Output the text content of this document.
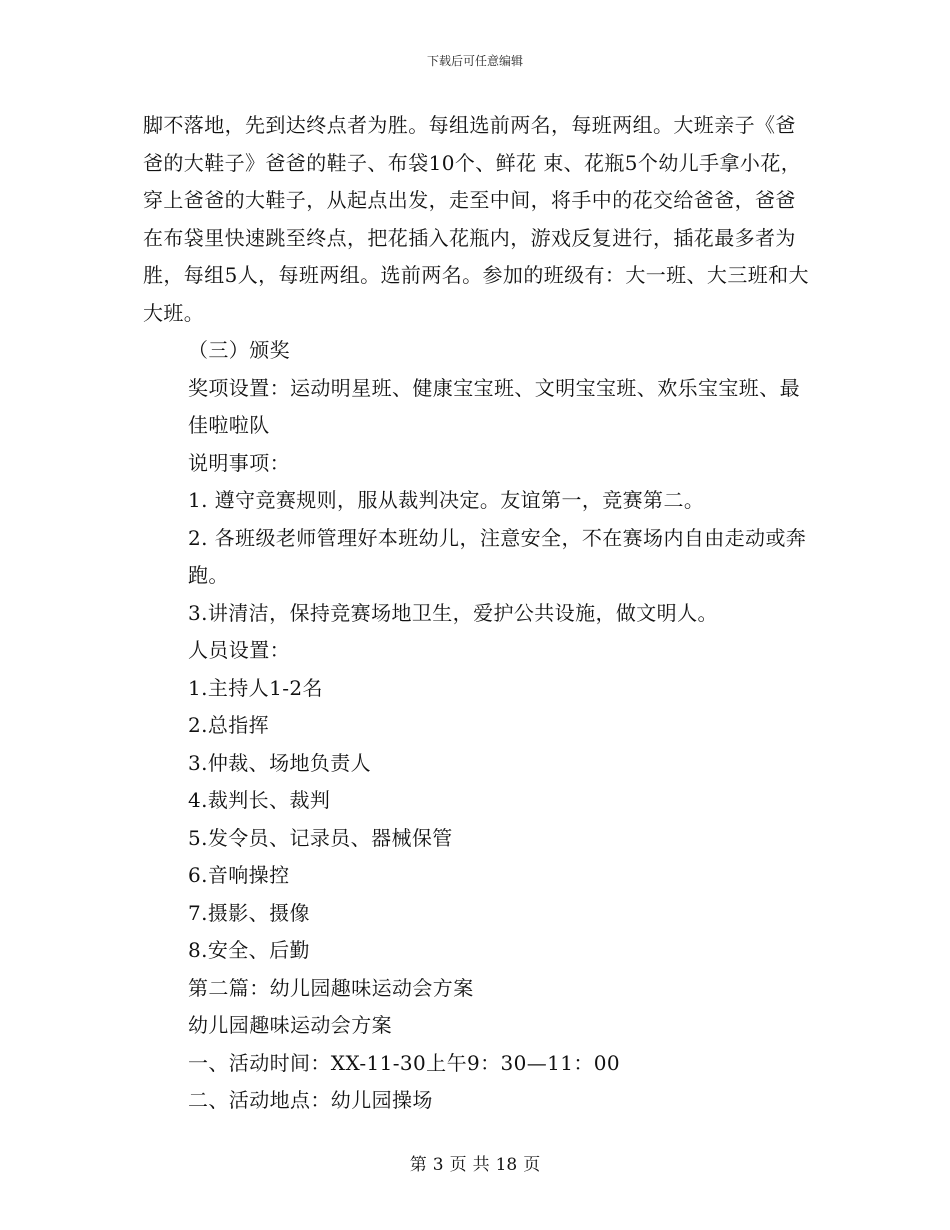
下载后可任意编辑

脚不落地，先到达终点者为胜。每组选前两名，每班两组。大班亲子《爸爸的大鞋子》爸爸的鞋子、布袋10个、鲜花 束、花瓶5个幼儿手拿小花，穿上爸爸的大鞋子，从起点出发，走至中间，将手中的花交给爸爸，爸爸在布袋里快速跳至终点，把花插入花瓶内，游戏反复进行，插花最多者为胜，每组5人，每班两组。选前两名。参加的班级有：大一班、大三班和大大班。

（三）颁奖

奖项设置：运动明星班、健康宝宝班、文明宝宝班、欢乐宝宝班、最佳啦啦队

说明事项：

1. 遵守竞赛规则，服从裁判决定。友谊第一，竞赛第二。

2. 各班级老师管理好本班幼儿，注意安全，不在赛场内自由走动或奔跑。

3.讲清洁，保持竞赛场地卫生，爱护公共设施，做文明人。

人员设置：

1.主持人1-2名

2.总指挥

3.仲裁、场地负责人

4.裁判长、裁判

5.发令员、记录员、器械保管

6.音响操控

7.摄影、摄像

8.安全、后勤

第二篇：幼儿园趣味运动会方案

幼儿园趣味运动会方案

一、活动时间：XX-11-30上午9：30—11：00

二、活动地点：幼儿园操场

第 3 页 共 18 页
